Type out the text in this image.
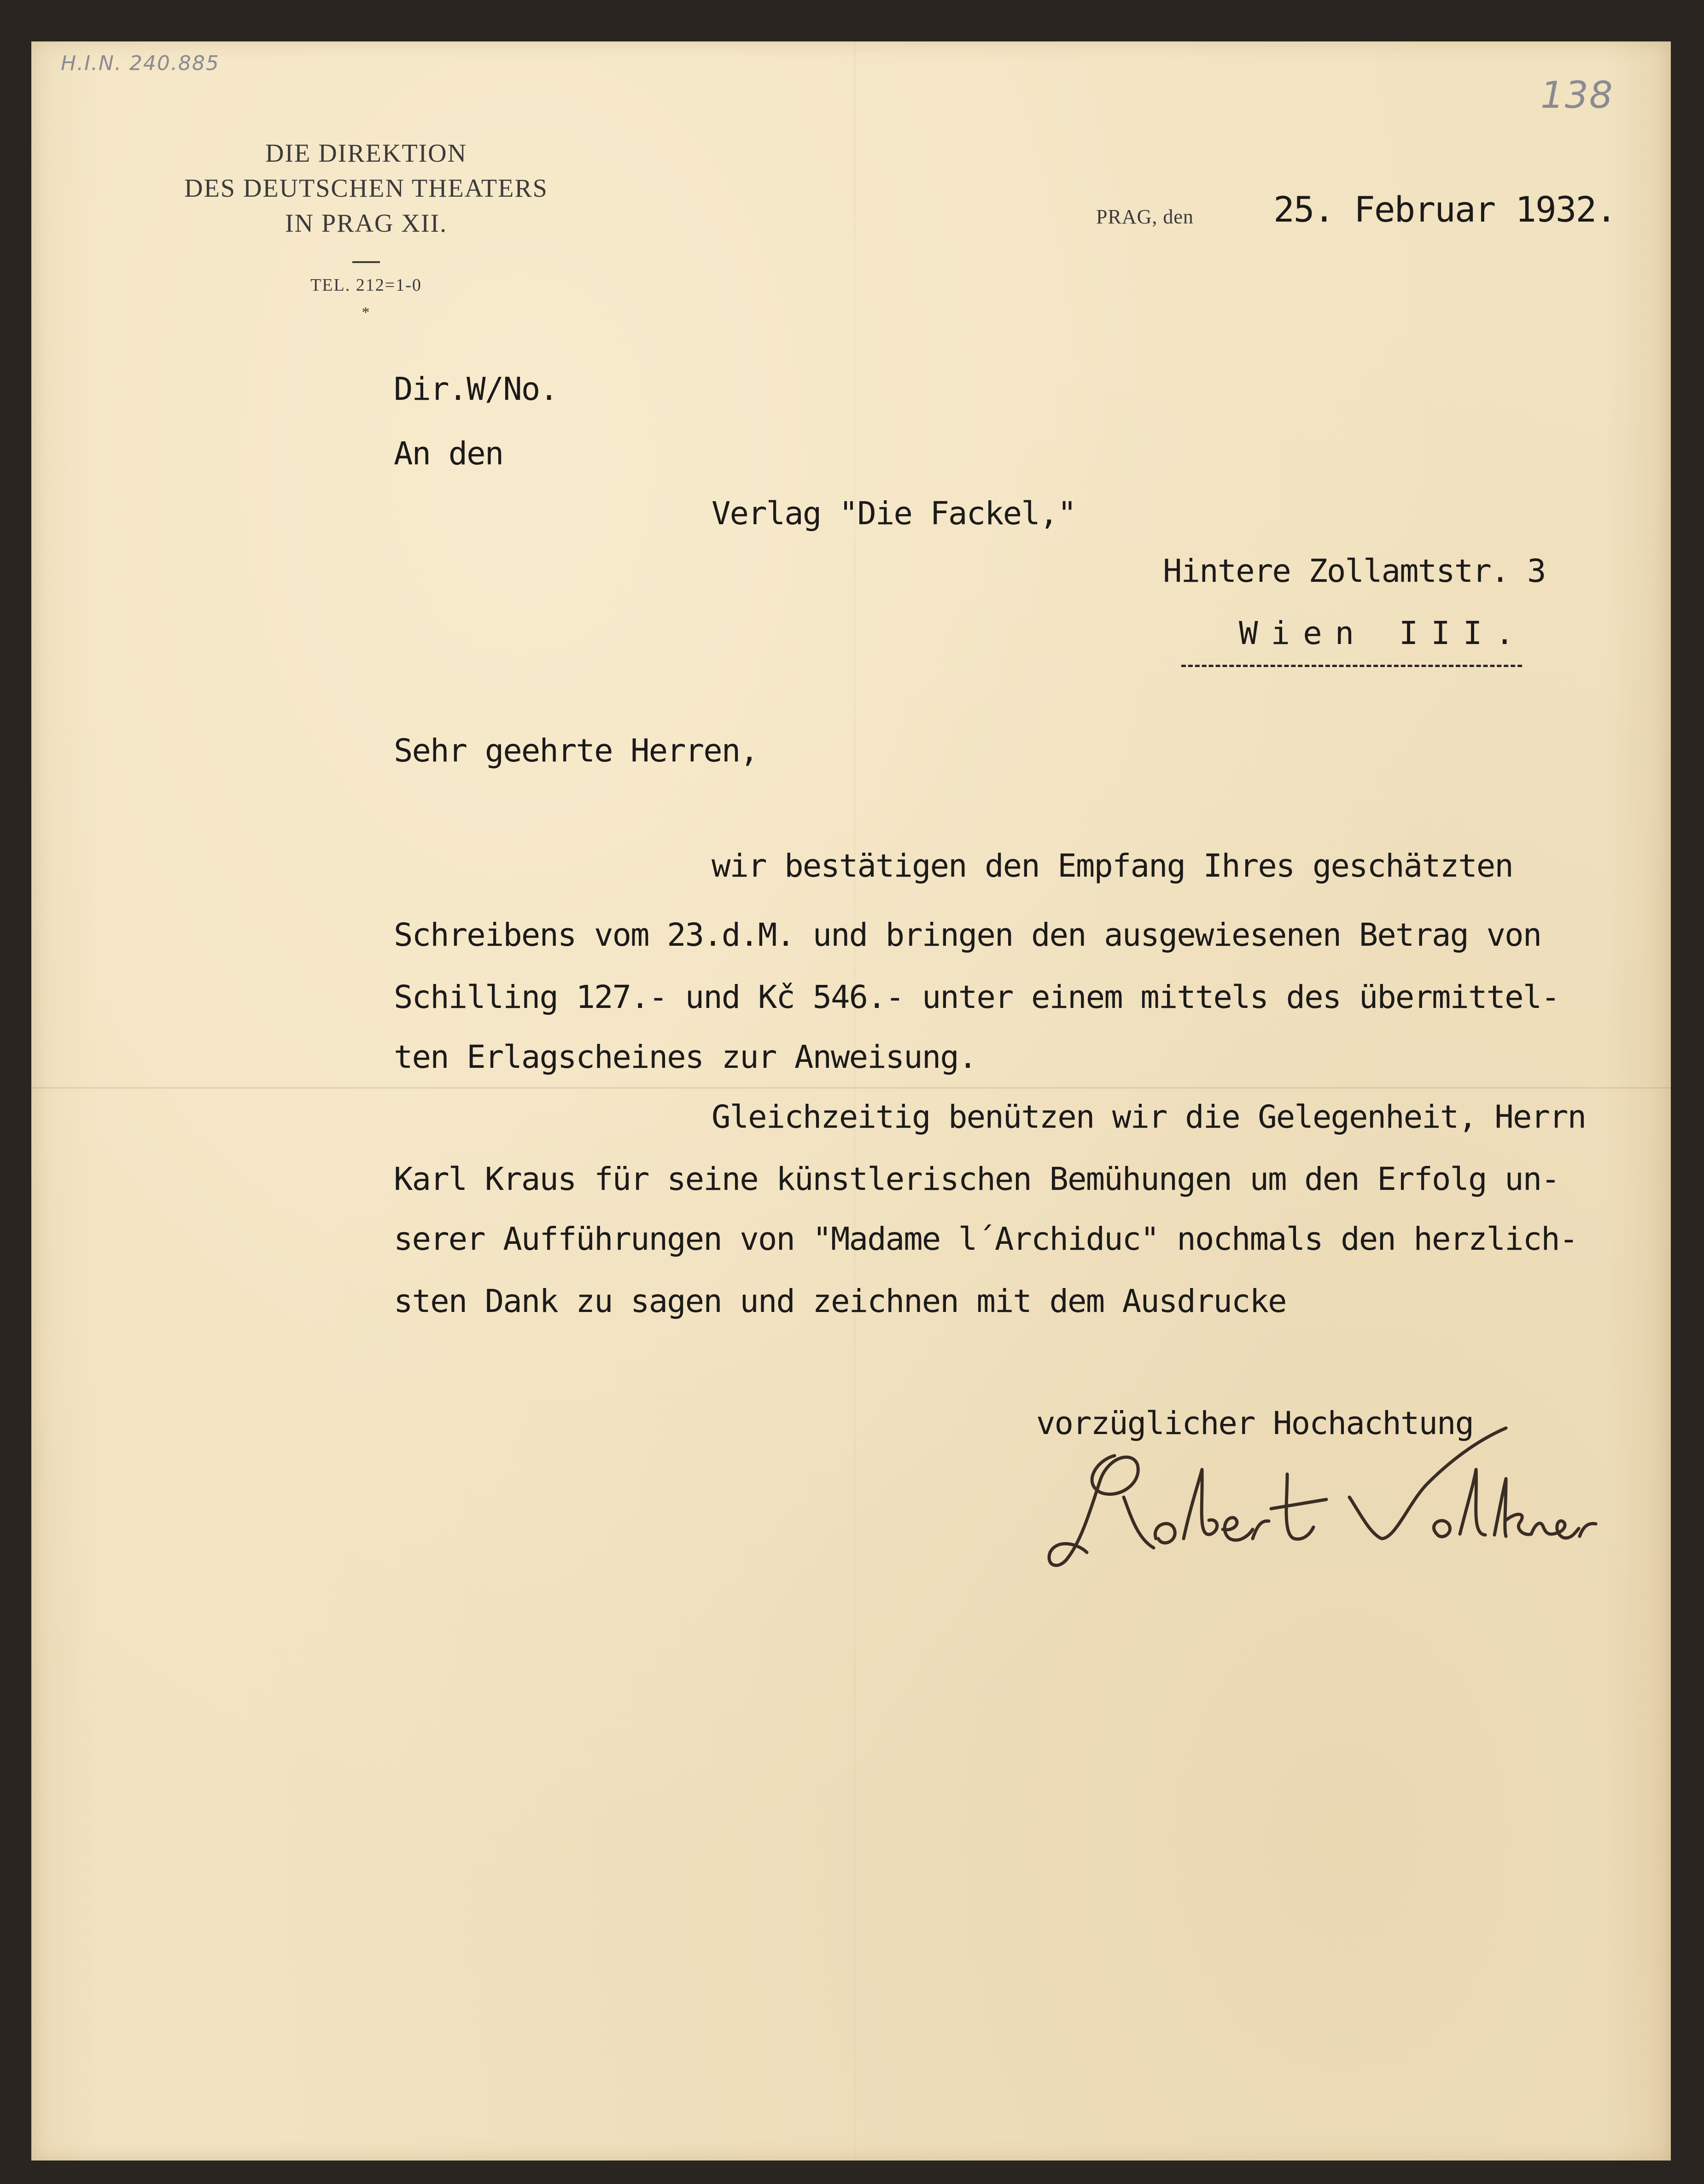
H.I.N. 240.885
138
DIE DIREKTION
DES DEUTSCHEN THEATERS
IN PRAG XII.
TEL. 212=1-0
*
PRAG, den 25. Februar 1932.
Dir.W/No.
An den
Verlag "Die Fackel,"
Hintere Zollamtstr. 3
Wien III.
Sehr geehrte Herren,
wir bestätigen den Empfang Ihres geschätzten
Schreibens vom 23.d.M. und bringen den ausgewiesenen Betrag von
Schilling 127.- und Kč 546.- unter einem mittels des übermittel-
ten Erlagscheines zur Anweisung.
Gleichzeitig benützen wir die Gelegenheit, Herrn
Karl Kraus für seine künstlerischen Bemühungen um den Erfolg un-
serer Aufführungen von "Madame l´Archiduc" nochmals den herzlich-
sten Dank zu sagen und zeichnen mit dem Ausdrucke
vorzüglicher Hochachtung
